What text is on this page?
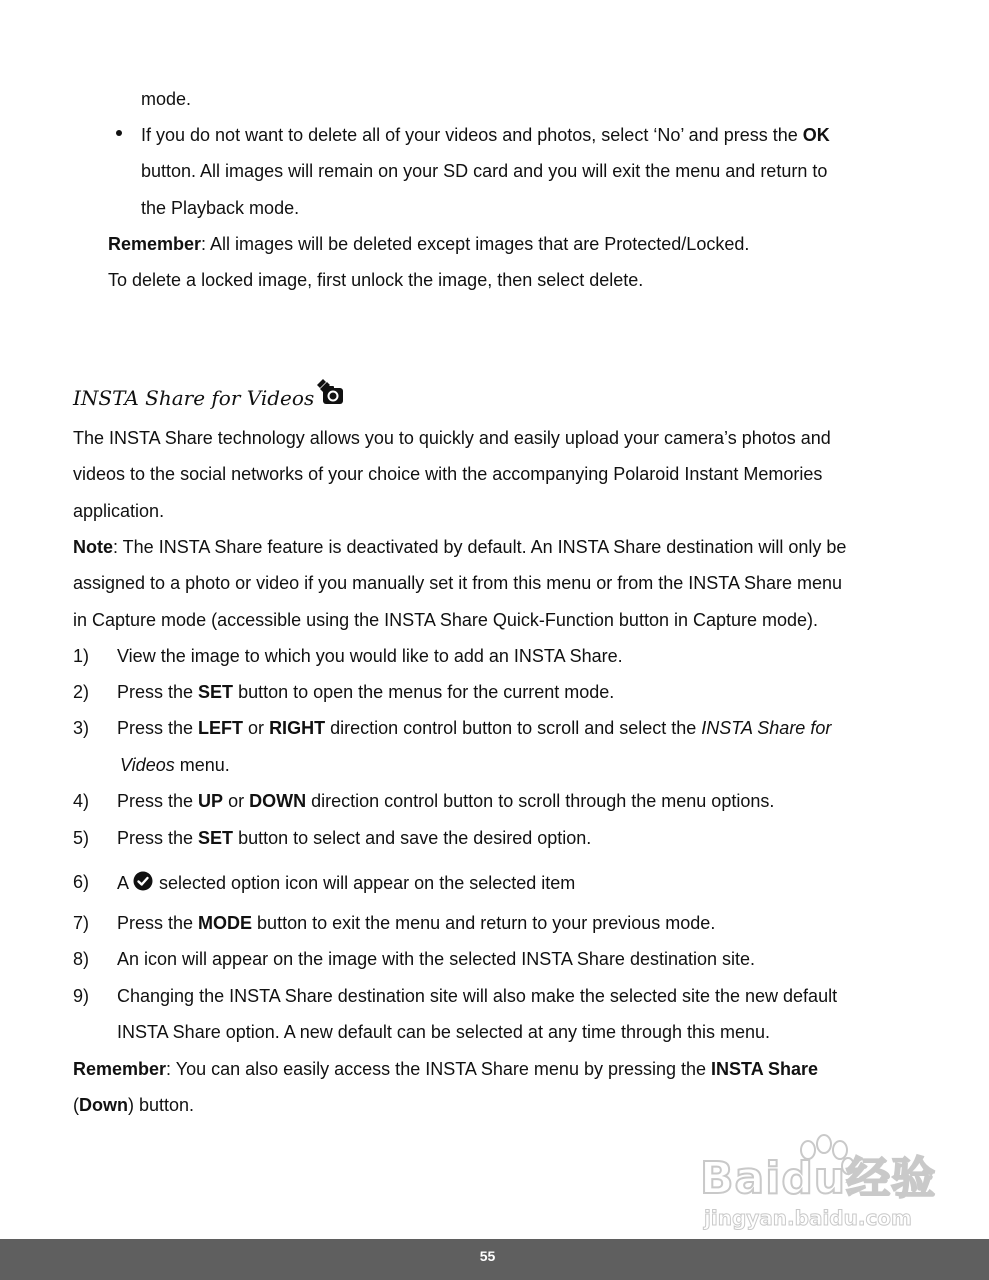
mode.
If you do not want to delete all of your videos and photos, select ‘No’ and press the OK
button. All images will remain on your SD card and you will exit the menu and return to
the Playback mode.
Remember: All images will be deleted except images that are Protected/Locked.
To delete a locked image, first unlock the image, then select delete.
INSTA Share for Videos
The INSTA Share technology allows you to quickly and easily upload your camera’s photos and
videos to the social networks of your choice with the accompanying Polaroid Instant Memories
application.
Note: The INSTA Share feature is deactivated by default. An INSTA Share destination will only be
assigned to a photo or video if you manually set it from this menu or from the INSTA Share menu
in Capture mode (accessible using the INSTA Share Quick-Function button in Capture mode).
1) View the image to which you would like to add an INSTA Share.
2) Press the SET button to open the menus for the current mode.
3) Press the LEFT or RIGHT direction control button to scroll and select the INSTA Share for
Videos menu.
4) Press the UP or DOWN direction control button to scroll through the menu options.
5) Press the SET button to select and save the desired option.
6) A selected option icon will appear on the selected item
7) Press the MODE button to exit the menu and return to your previous mode.
8) An icon will appear on the image with the selected INSTA Share destination site.
9) Changing the INSTA Share destination site will also make the selected site the new default
INSTA Share option. A new default can be selected at any time through this menu.
Remember: You can also easily access the INSTA Share menu by pressing the INSTA Share
(Down) button.
Baidu经验
jingyan.baidu.com
55
